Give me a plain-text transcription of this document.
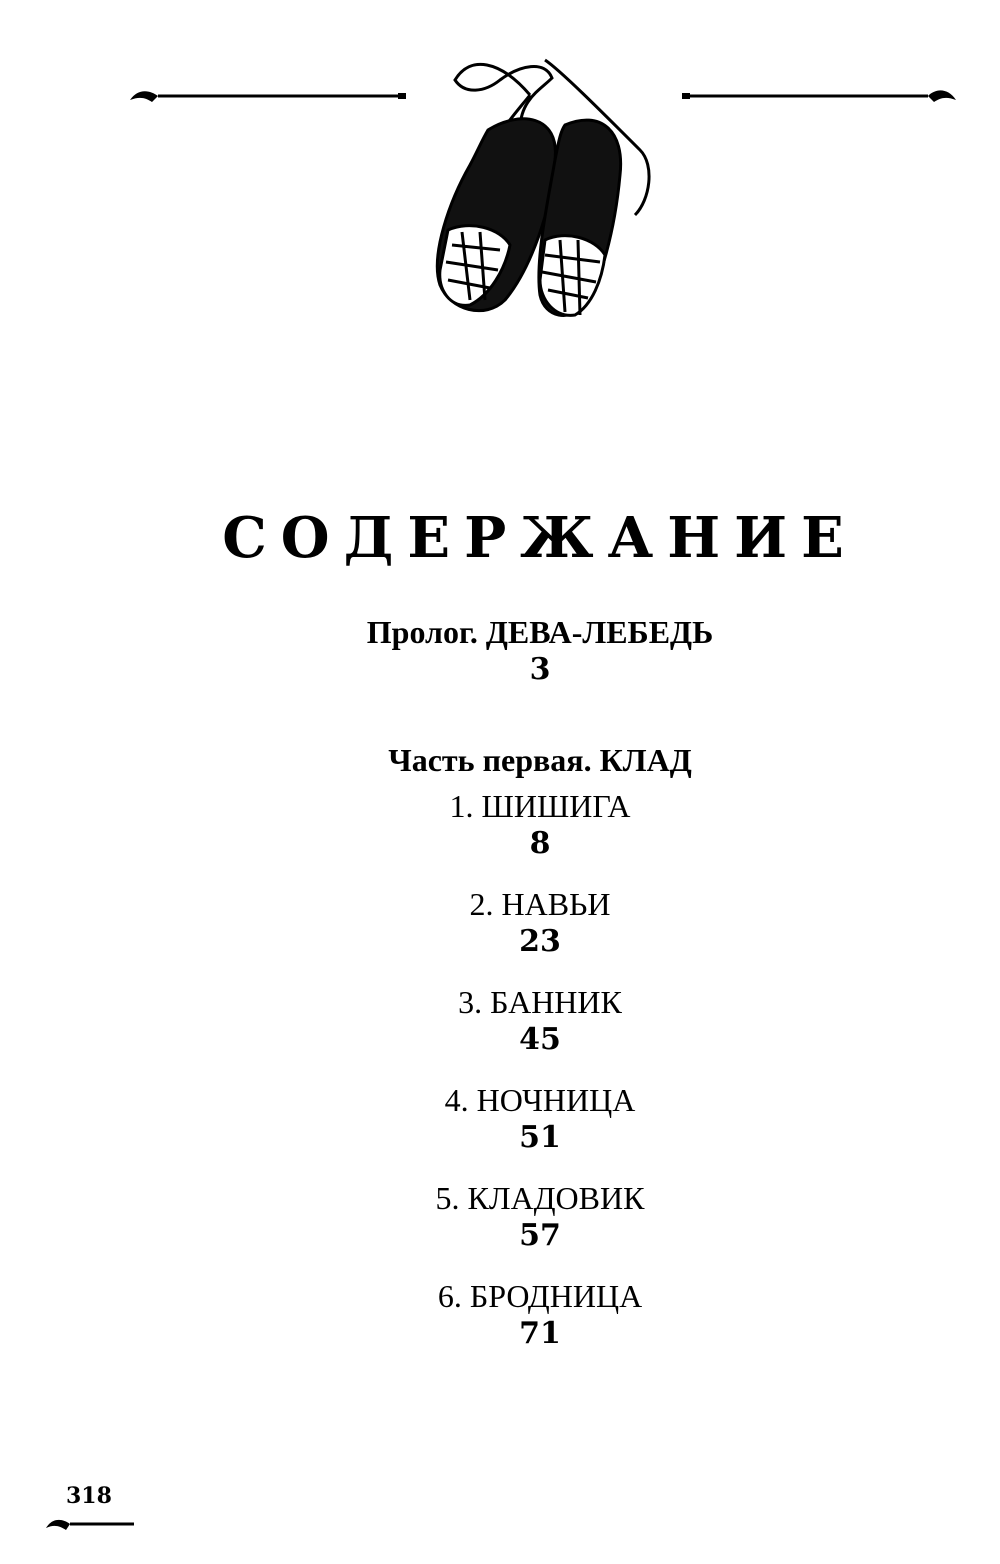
СОДЕРЖАНИЕ
Пролог. ДЕВА-ЛЕБЕДЬ
3
Часть первая. КЛАД
1. ШИШИГА
8
2. НАВЬИ
23
3. БАННИК
45
4. НОЧНИЦА
51
5. КЛАДОВИК
57
6. БРОДНИЦА
71
318
